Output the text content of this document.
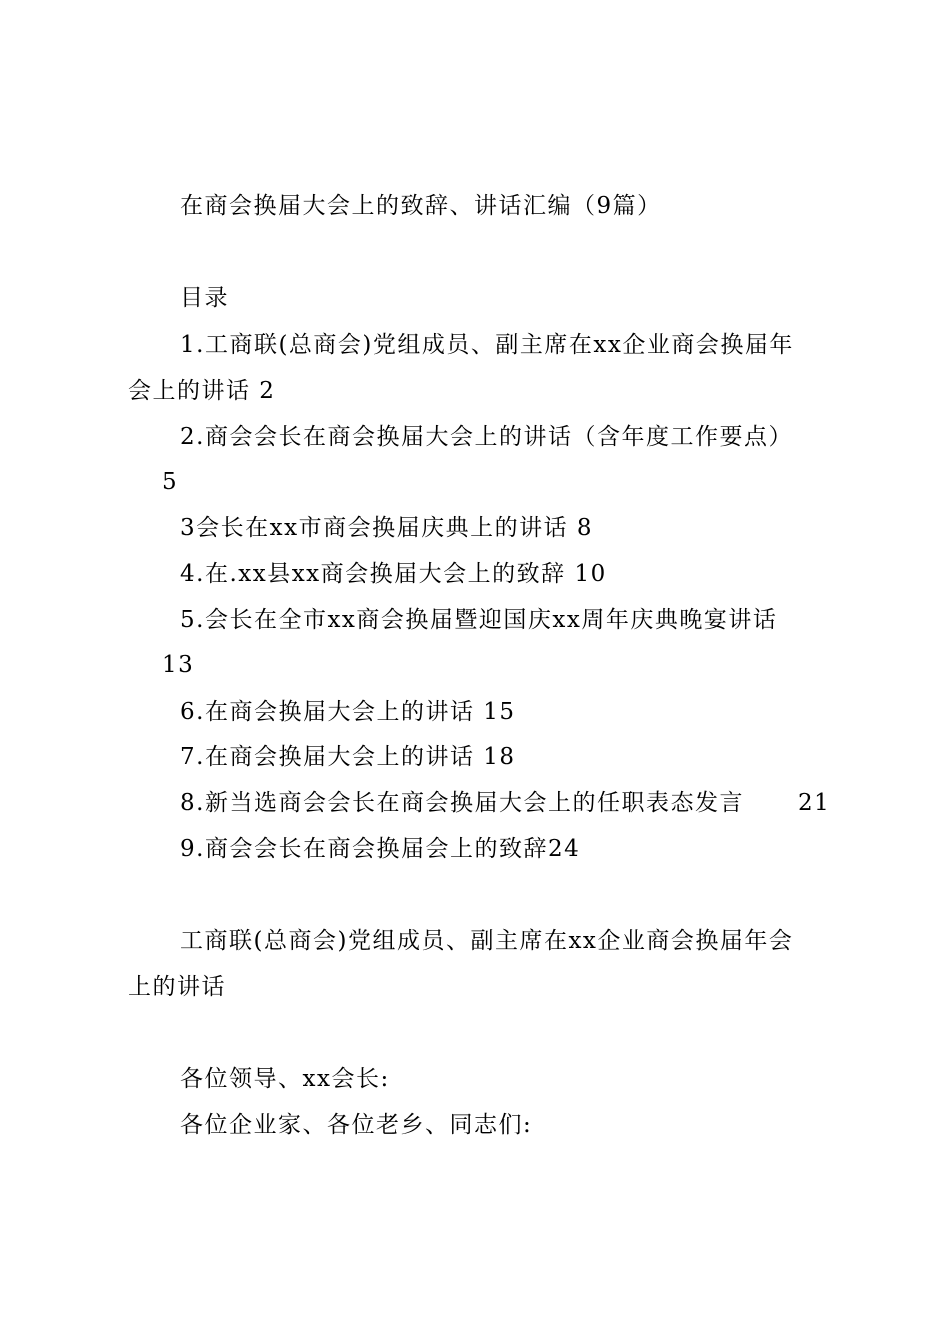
在商会换届大会上的致辞、讲话汇编（9篇）
目录
1.工商联(总商会)党组成员、副主席在xx企业商会换届年
会上的讲话 2
2.商会会长在商会换届大会上的讲话（含年度工作要点）
5
3会长在xx市商会换届庆典上的讲话 8
4.在.xx县xx商会换届大会上的致辞 10
5.会长在全市xx商会换届暨迎国庆xx周年庆典晚宴讲话
13
6.在商会换届大会上的讲话 15
7.在商会换届大会上的讲话 18
8.新当选商会会长在商会换届大会上的任职表态发言 21
9.商会会长在商会换届会上的致辞24
工商联(总商会)党组成员、副主席在xx企业商会换届年会
上的讲话
各位领导、xx会长:
各位企业家、各位老乡、同志们:
